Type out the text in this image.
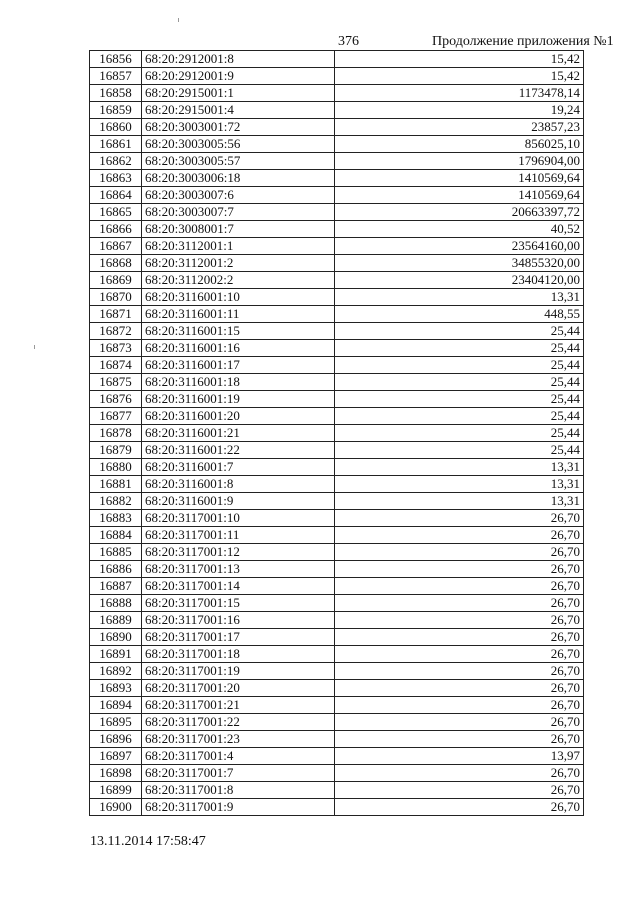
376	Продолжение приложения №1
16856	68:20:2912001:8	15,42
16857	68:20:2912001:9	15,42
16858	68:20:2915001:1	1173478,14
16859	68:20:2915001:4	19,24
16860	68:20:3003001:72	23857,23
16861	68:20:3003005:56	856025,10
16862	68:20:3003005:57	1796904,00
16863	68:20:3003006:18	1410569,64
16864	68:20:3003007:6	1410569,64
16865	68:20:3003007:7	20663397,72
16866	68:20:3008001:7	40,52
16867	68:20:3112001:1	23564160,00
16868	68:20:3112001:2	34855320,00
16869	68:20:3112002:2	23404120,00
16870	68:20:3116001:10	13,31
16871	68:20:3116001:11	448,55
16872	68:20:3116001:15	25,44
16873	68:20:3116001:16	25,44
16874	68:20:3116001:17	25,44
16875	68:20:3116001:18	25,44
16876	68:20:3116001:19	25,44
16877	68:20:3116001:20	25,44
16878	68:20:3116001:21	25,44
16879	68:20:3116001:22	25,44
16880	68:20:3116001:7	13,31
16881	68:20:3116001:8	13,31
16882	68:20:3116001:9	13,31
16883	68:20:3117001:10	26,70
16884	68:20:3117001:11	26,70
16885	68:20:3117001:12	26,70
16886	68:20:3117001:13	26,70
16887	68:20:3117001:14	26,70
16888	68:20:3117001:15	26,70
16889	68:20:3117001:16	26,70
16890	68:20:3117001:17	26,70
16891	68:20:3117001:18	26,70
16892	68:20:3117001:19	26,70
16893	68:20:3117001:20	26,70
16894	68:20:3117001:21	26,70
16895	68:20:3117001:22	26,70
16896	68:20:3117001:23	26,70
16897	68:20:3117001:4	13,97
16898	68:20:3117001:7	26,70
16899	68:20:3117001:8	26,70
16900	68:20:3117001:9	26,70
13.11.2014 17:58:47
